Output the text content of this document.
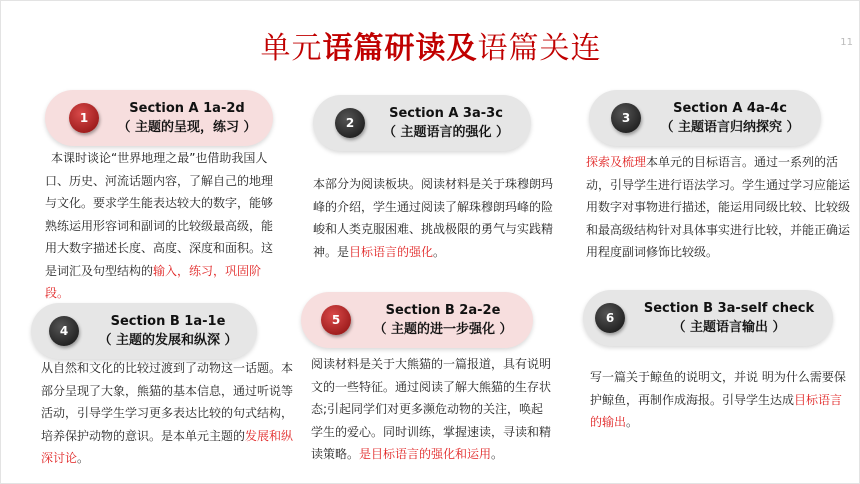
单元语篇研读及语篇关连	11
1
Section A 1a-2d
（ 主题的呈现，练习 ）
本课时谈论“世界地理之最”也借助我国人口、历史、河流话题内容，了解自己的地理与文化。要求学生能表达较大的数字，能够熟练运用形容词和副词的比较级最高级，能用大数字描述长度、高度、深度和面积。这是词汇及句型结构的输入，练习，巩固阶段。
2
Section A 3a-3c
（ 主题语言的强化 ）
本部分为阅读板块。阅读材料是关于珠穆朗玛峰的介绍，学生通过阅读了解珠穆朗玛峰的险峻和人类克服困难、挑战极限的勇气与实践精神。是目标语言的强化。
3
Section A 4a-4c
（ 主题语言归纳探究 ）
探索及梳理本单元的目标语言。通过一系列的活动，引导学生进行语法学习。学生通过学习应能运用数字对事物进行描述，能运用同级比较、比较级和最高级结构针对具体事实进行比较，并能正确运用程度副词修饰比较级。
4
Section B 1a-1e
（ 主题的发展和纵深 ）
从自然和文化的比较过渡到了动物这一话题。本部分呈现了大象，熊猫的基本信息，通过听说等活动，引导学生学习更多表达比较的句式结构，培养保护动物的意识。是本单元主题的发展和纵深讨论。
5
Section B 2a-2e
（ 主题的进一步强化 ）
阅读材料是关于大熊猫的一篇报道，具有说明文的一些特征。通过阅读了解大熊猫的生存状态;引起同学们对更多濒危动物的关注，唤起学生的爱心。同时训练，掌握速读，寻读和精读策略。是目标语言的强化和运用。
6
Section B 3a-self check
（ 主题语言输出 ）
写一篇关于鲸鱼的说明文，并说 明为什么需要保护鲸鱼，再制作成海报。引导学生达成目标语言的输出。
